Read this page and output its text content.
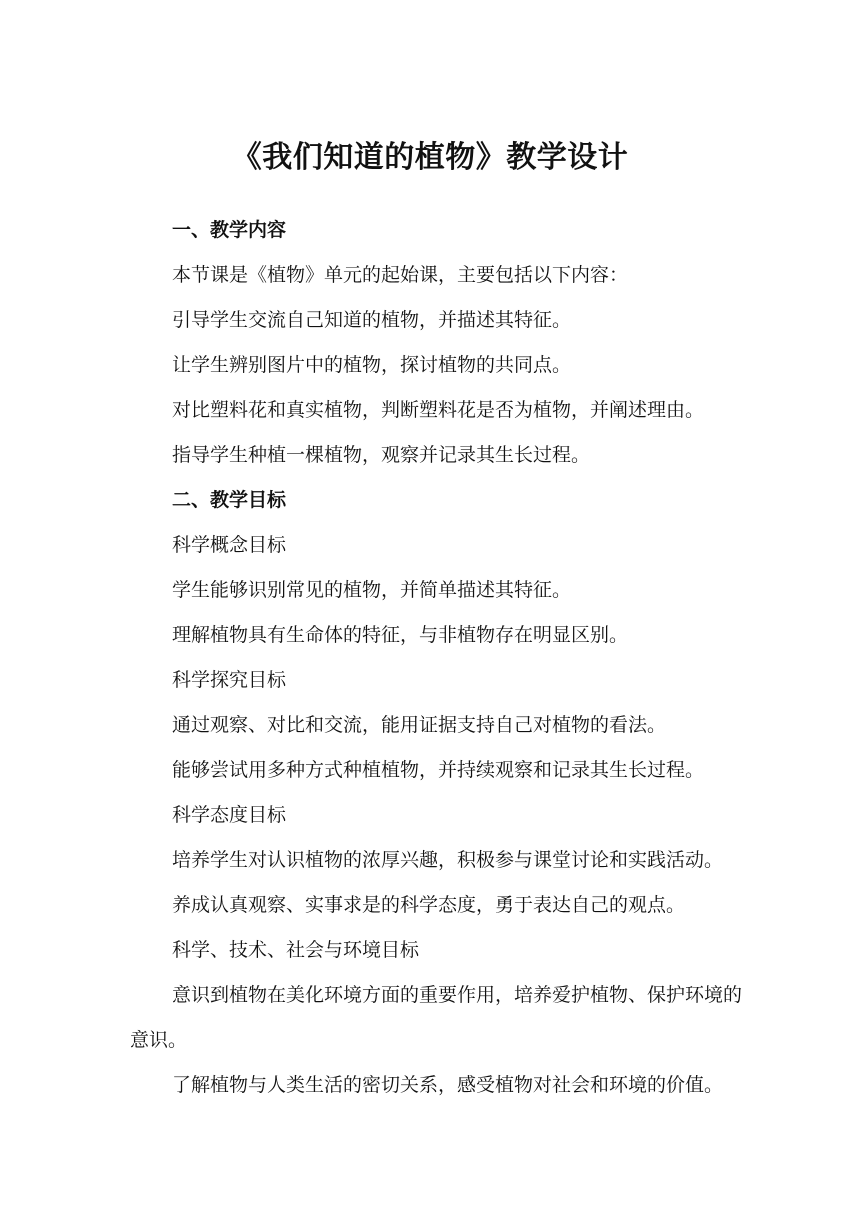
《我们知道的植物》教学设计

一、教学内容

本节课是《植物》单元的起始课，主要包括以下内容：

引导学生交流自己知道的植物，并描述其特征。

让学生辨别图片中的植物，探讨植物的共同点。

对比塑料花和真实植物，判断塑料花是否为植物，并阐述理由。

指导学生种植一棵植物，观察并记录其生长过程。

二、教学目标

科学概念目标

学生能够识别常见的植物，并简单描述其特征。

理解植物具有生命体的特征，与非植物存在明显区别。

科学探究目标

通过观察、对比和交流，能用证据支持自己对植物的看法。

能够尝试用多种方式种植植物，并持续观察和记录其生长过程。

科学态度目标

培养学生对认识植物的浓厚兴趣，积极参与课堂讨论和实践活动。

养成认真观察、实事求是的科学态度，勇于表达自己的观点。

科学、技术、社会与环境目标

意识到植物在美化环境方面的重要作用，培养爱护植物、保护环境的意识。

了解植物与人类生活的密切关系，感受植物对社会和环境的价值。
